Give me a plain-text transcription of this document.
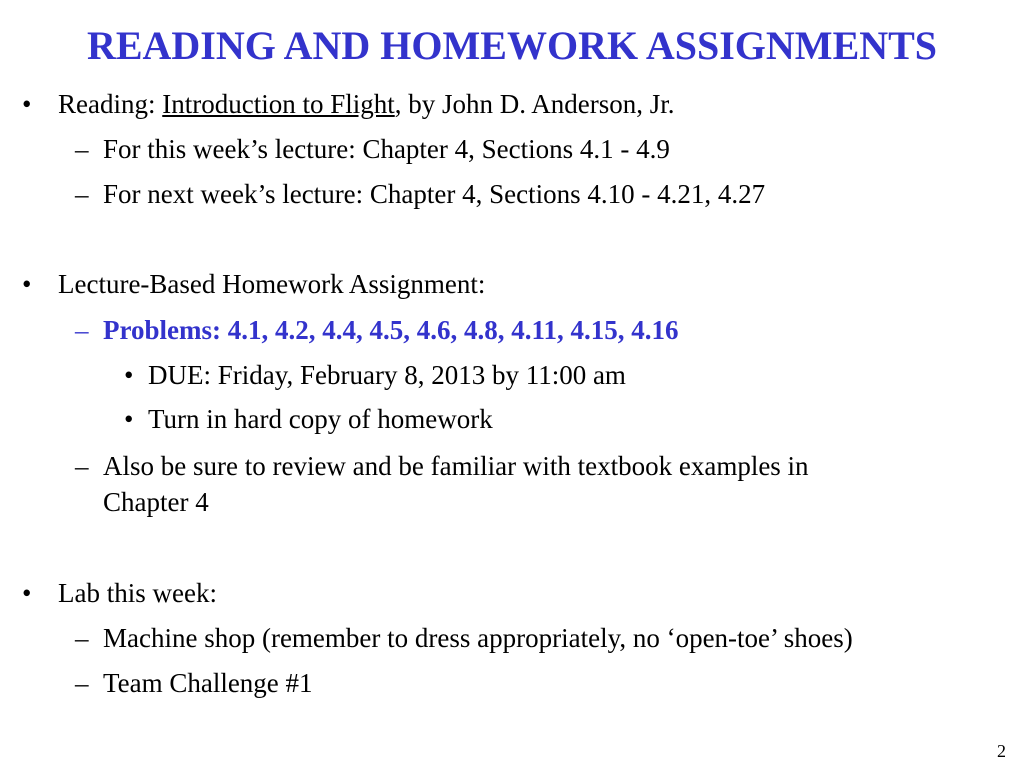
READING AND HOMEWORK ASSIGNMENTS
• Reading: Introduction to Flight, by John D. Anderson, Jr.
– For this week’s lecture: Chapter 4, Sections 4.1 - 4.9
– For next week’s lecture: Chapter 4, Sections 4.10 - 4.21, 4.27
• Lecture-Based Homework Assignment:
– Problems: 4.1, 4.2, 4.4, 4.5, 4.6, 4.8, 4.11, 4.15, 4.16
• DUE: Friday, February 8, 2013 by 11:00 am
• Turn in hard copy of homework
– Also be sure to review and be familiar with textbook examples in
Chapter 4
• Lab this week:
– Machine shop (remember to dress appropriately, no ‘open-toe’ shoes)
– Team Challenge #1
2
